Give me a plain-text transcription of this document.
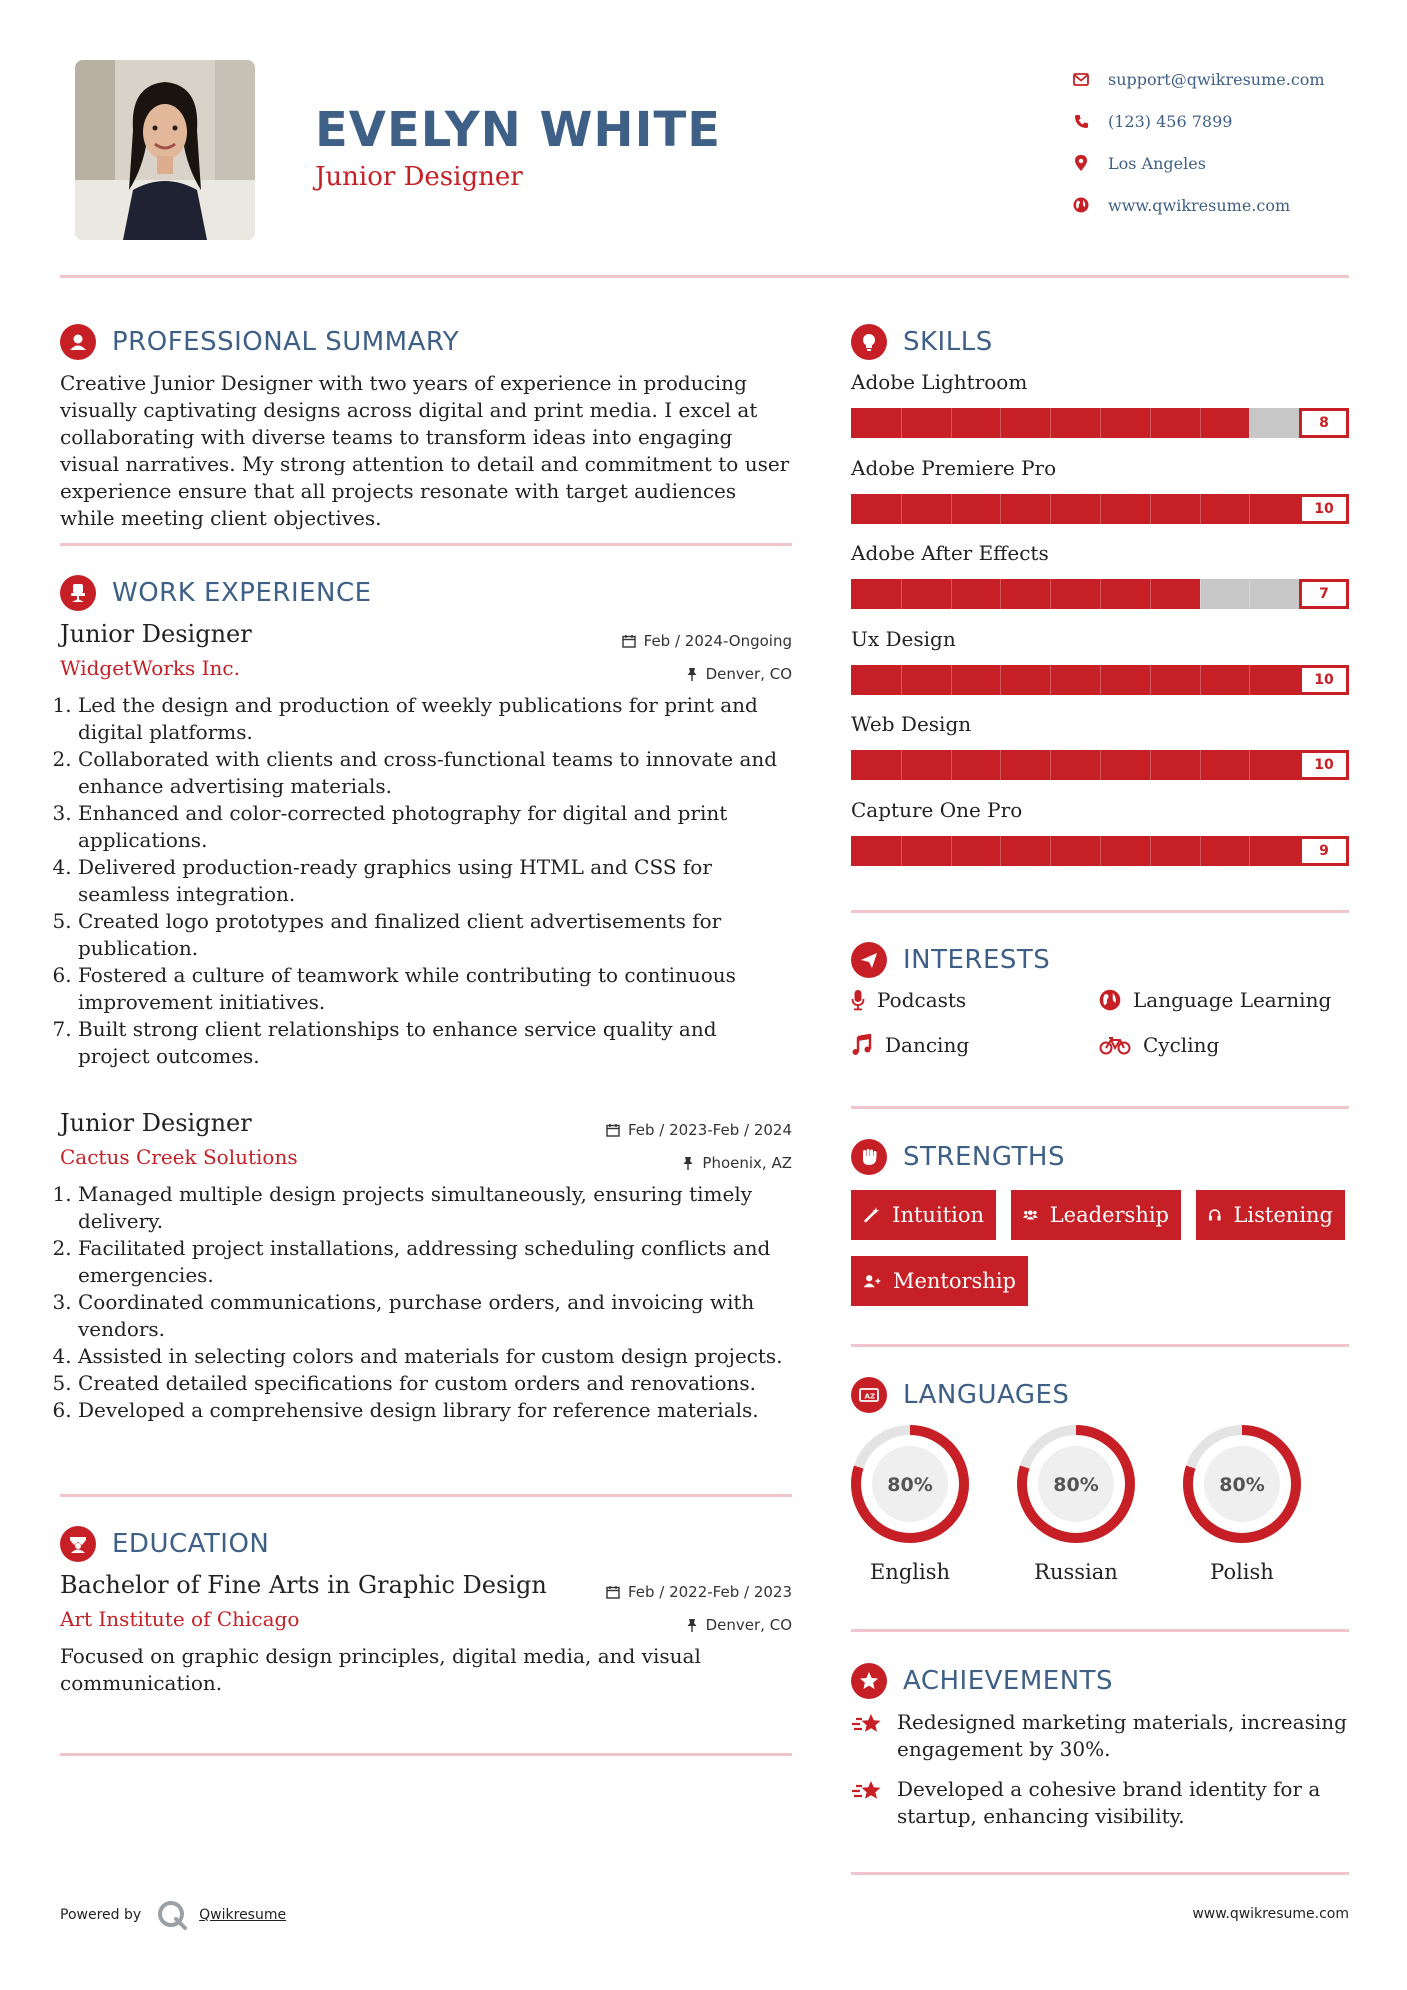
EVELYN WHITE
Junior Designer
support@qwikresume.com
(123) 456 7899
Los Angeles
www.qwikresume.com
PROFESSIONAL SUMMARY
Creative Junior Designer with two years of experience in producing visually captivating designs across digital and print media. I excel at collaborating with diverse teams to transform ideas into engaging visual narratives. My strong attention to detail and commitment to user experience ensure that all projects resonate with target audiences while meeting client objectives.
WORK EXPERIENCE
Junior Designer
WidgetWorks Inc.
Feb / 2024-Ongoing
Denver, CO
1. Led the design and production of weekly publications for print and digital platforms.
2. Collaborated with clients and cross-functional teams to innovate and enhance advertising materials.
3. Enhanced and color-corrected photography for digital and print applications.
4. Delivered production-ready graphics using HTML and CSS for seamless integration.
5. Created logo prototypes and finalized client advertisements for publication.
6. Fostered a culture of teamwork while contributing to continuous improvement initiatives.
7. Built strong client relationships to enhance service quality and project outcomes.
Junior Designer
Cactus Creek Solutions
Feb / 2023-Feb / 2024
Phoenix, AZ
1. Managed multiple design projects simultaneously, ensuring timely delivery.
2. Facilitated project installations, addressing scheduling conflicts and emergencies.
3. Coordinated communications, purchase orders, and invoicing with vendors.
4. Assisted in selecting colors and materials for custom design projects.
5. Created detailed specifications for custom orders and renovations.
6. Developed a comprehensive design library for reference materials.
EDUCATION
Bachelor of Fine Arts in Graphic Design
Art Institute of Chicago
Feb / 2022-Feb / 2023
Denver, CO
Focused on graphic design principles, digital media, and visual communication.
SKILLS
Adobe Lightroom
8
Adobe Premiere Pro
10
Adobe After Effects
7
Ux Design
10
Web Design
10
Capture One Pro
9
INTERESTS
Podcasts	Language Learning
Dancing	Cycling
STRENGTHS
Intuition	Leadership	Listening
Mentorship
A Z LANGUAGES
80%
English
80%
Russian
80%
Polish
ACHIEVEMENTS
Redesigned marketing materials, increasing engagement by 30%.
Developed a cohesive brand identity for a startup, enhancing visibility.
Powered by	Qwikresume	www.qwikresume.com
